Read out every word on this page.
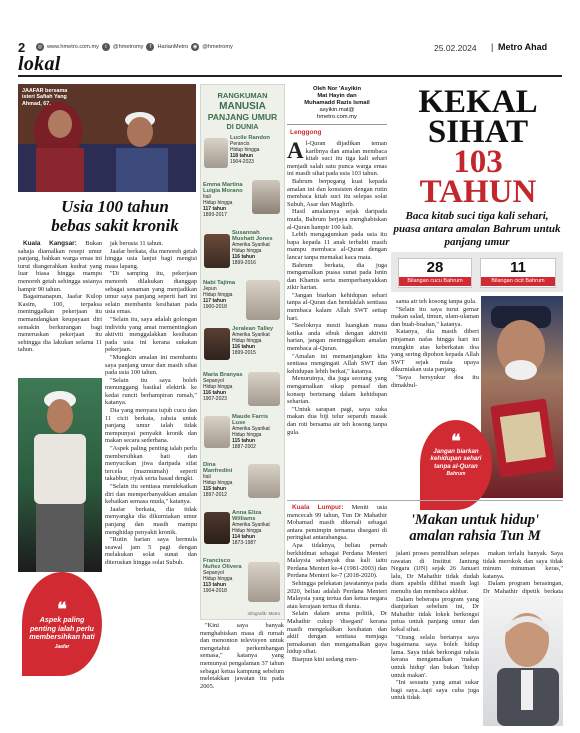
2	◎ www.hmetro.com.my	t	@hmetromy	f	HarianMetro ◉ @hmetromy	25.02.2024 | Metro Ahad
lokal
JAAFAR bersama isteri Safiah Yang Ahmad, 67.
Usia 100 tahun
bebas sakit kronik
Kuala Kangsar: Bukan sahaja diamalkan resepi umur panjang, bahkan warga emas ini turut diangerahkan kudrat yang luar biasa hingga mampu menoreh getah sehingga usianya hampir 90 tahun.
Bagaimanapun, Jaafar Kulop Kasim, 100, terpaksa meninggalkan pekerjaan itu memandangkan keupayaan diri semakin berkurangan bagi meneruskan pekerjaan itu sehingga dia lakukan selama 11 tahun.
❝
Aspek paling penting ialah perlu membersihkan hati
Jaafar
jak berusia 11 tahun.
Jaafar berkata, dia menoreh getah hingga usia lanjut bagi mengisi masa lapang.
"Di samping itu, pekerjaan menoreh dilakukan dianggap sebagai senaman yang menjadikan umur saya panjang seperti hari ini selain membantu kesihatan pada usia emas.
"Selain itu, saya adalah golongan individu yang amat mementingkan aktiviti menggalakkan kesihatan pada usia ini kerana sukakan pekerjaan.
"Mungkin amalan ini membantu saya panjang umur dan masih sihat pada usia 100 tahun.
"Selain itu saya boleh menunggang basikal elektrik ke kedai runcit berhampiran rumah," katanya.
Dia yang menyara tujuh cucu dan 11 cicit berkata, rahsia untuk panjang umur ialah tidak mempunyai penyakit kronik dan makan secara sederhana.
"Aspek paling penting ialah perlu membersihkan hati dan menyucikan jiwa daripada sifat tercela (mazmumah) seperti takabbur, riyak serta hasad dengki.
"Selain itu sentiasa mendekatkan diri dan memperbanyakkan amalan kebaikan semasa muda," katanya.
Jaafar berkata, dia tidak menyangka dia dikurniakan umur panjang dan masih mampu menghidap penyakit kronik.
"Rutin harian saya bermula seawal jam 5 pagi dengan melakukan solat sunat dan diteruskan hingga solat Subuh.
RANGKUMAN
MANUSIA
PANJANG UMUR
DI DUNIA
Infografik: Metro
Lucile Randon
Perancis
Hidup hingga
118 tahun
1904-2023
Emma Martina Luigia Morano
Itali
Hidup hingga
117 tahun
1899-2017
Susannah Mushatt Jones
Amerika Syarikat
Hidup hingga
116 tahun
1899-2016
Nabi Tajima
Jepun
Hidup hingga
117 tahun
1900-2018
Jeralean Talley
Amerika Syarikat
Hidup hingga
116 tahun
1899-2015
Maria Branyas
Sepanyol
Hidup hingga
116 tahun
1907-2023
Maude Farris Luse
Amerika Syarikat
Hidup hingga
115 tahun
1887-2002
Dina Manfredini
Itali
Hidup hingga
115 tahun
1897-2012
Anna Eliza Williams
Amerika Syarikat
Hidup hingga
114 tahun
1873-1987
Francisco Nuñez Olivera
Sepanyol
Hidup hingga
113 tahun
1904-2018
"Kini saya banyak menghabiskan masa di rumah dan menonton televisyen untuk mengetahui perkembangan semasa," katanya yang memunyai pengalaman 37 tahun sebagai ketua kampung sebelum meletakkan jawatan itu pada 2005.
Oleh Nor 'Asyikin
Mat Hayin dan
Muhamadd Razis Ismail
asyikin.mat@
hmetro.com.my
Lenggong
Al-Quran dijadikan teman karibnya dan amalan membaca kitab suci itu tiga kali sehari menjadi salah satu punca warga emas ini masih sihat pada usia 103 tahun.
Bahrum berpegang kuat kepada amalan ini dan konsisten dengan rutin membaca kitab suci itu selepas solat Subuh, Asar dan Maghrib.
Hasil amalannya sejak daripada muda, Bahrum berjaya menghabiskan al-Quran hampir 100 kali.
Lebih mengagumkan pada usia itu bapa kepada 11 anak terbabit masih mampu membaca al-Quran dengan lancar tanpa memakai kaca mata.
Bahrum berkata, dia juga mengamalkan puasa sunat pada Isnin dan Khamis serta memperbanyakkan zikir harian.
"Jangan biarkan kehidupan sehari tanpa al-Quran dan hendaklah sentiasa membaca kalam Allah SWT setiap hari.
"Seeloknya mesti luangkan masa ketika anda sibuk dengan aktiviti harian, jangan meninggalkan amalan membaca al-Quran.
"Amalan ini memanjangkan kita sentiasa mengingati Allah SWT dan kehidupan lebih berkat," katanya.
Menurutnya, dia juga seorang yang mengamalkan sikap pemaaf dan konsep bertenang dalam kehidupan seharian.
"Untuk sarapan pagi, saya suka makan dua biji telur separuh masak dan roti bersama air teh kosong tanpa gula.
KEKAL
SIHAT
103
TAHUN
Baca kitab suci tiga kali sehari, puasa antara amalan Bahrum untuk panjang umur
28
Bilangan cucu Bahrum
11
Bilangan cicit Bahrum
sama air teh kosong tanpa gula.
"Selain itu saya turut gemar makan salad, timun, ulam-ulaman dan buah-buahan," katanya.
Katanya, dia masih diberi pinjaman nafas hingga hari ini mungkin atas keberkatan doa yang sering dipohon kepada Allah SWT sejak mula upaya dikurniakan usia panjang.
"Saya bersyukur doa itu dimakbul-
❝
Jangan biarkan kehidupan sehari tanpa al-Quran
Bahrum
Kuala Lumpur: Meniti usia mencecah 99 tahun, Tun Dr Mahathir Mohamad masih dikenali sebagai antara pemimpin ternama disegani di peringkat antarabangsa.
Apa tidaknya, beliau pernah berkhidmat sebagai Perdana Menteri Malaysia sebanyak dua kali iaitu Perdana Menteri ke-4 (1981-2003) dan Perdana Menteri ke-7 (2018-2020).
Sehingga pelekatan jawatannya pada 2020, beliau adalah Perdana Menteri Malaysia yang tertua dan ketua negara atau kerajaan tertua di dunia.
Selain dalam arena politik, Dr Mahathir cukup 'disegani' kerana masih mengekalkan kesihatan dan aktif dengan sentiasa menjaga pemakanan dan mengamalkan gaya hidup sihat.
Biarpun kini sedang men-
'Makan untuk hidup'
amalan rahsia Tun M
jalani proses pemulihan selepas rawatan di Institut Jantung Negara (IJN) sejak 26 Januari lalu, Dr Mahathir tidak dudah diam apabila dilihat masih lagi menulis dan membaca akhbar.
Dalam beberapa program yang dianjurkan sebelum ini, Dr Mahathir tidak lokek berkongsi petua untuk panjang umur dan kekal sihat.
"Orang selalu bertanya saya bagaimana saya boleh hidup lama. Saya tidak berkongsi rahsia kerana mengamalkan 'makan untuk hidup' dan bukan 'hidup untuk makan'.
"Ini sesuatu yang amat sukar bagi saya...tapi saya cuba juga untuk tidak
makan terlalu banyak. Saya tidak merokok dan saya tidak minum minuman keras," katanya.
Dalam program berasingan, Dr Mahathir dipetik berkata
